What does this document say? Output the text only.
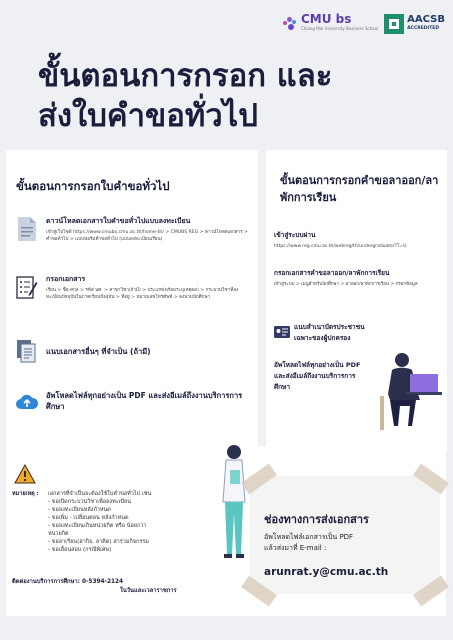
CMU bs
Chiang Mai University Business School
AACSB
ACCREDITED
ขั้นตอนการกรอก และ
ส่งใบคำขอทั่วไป
ขั้นตอนการกรอกใบคำขอทั่วไป
ดาวน์โหลดเอกสารใบคำขอทั่วไปแบบลงทะเบียน
เข้าสู่เว็บไซต์ https://www.cmubs.cmu.ac.th/home-th/ > CMUBS REG > ดาวน์โหลดเอกสาร > คำขอทั่วไป > แบบฟอร์มคำขอทั่วไป (แบบลงทะเบียนเรียน)
กรอกเอกสาร
เรียน > ชื่อ-สกุล > รหัส นศ. > สาขาวิชา(ถ้ามี) > ประเภท(พร้อมระบุเหตุผล) > กระบวนวิชาที่ลงทะเบียนปัจจุบันในภาคเรียนปัจจุบัน > ที่อยู่ > หมายเลขโทรศัพท์ > ลงนามนักศึกษา
แนบเอกสารอื่นๆ ที่จำเป็น (ถ้ามี)
อัพโหลดไฟล์ทุกอย่างเป็น PDF และส่งอีเมล์ถึงงานบริการการศึกษา
ขั้นตอนการกรอกคำขอลาออก/ลาพักการเรียน
เข้าสู่ระบบผ่าน
https://www.reg.cmu.ac.th/webreg/th/undergraduate/?T=U
กรอกเอกสารคำขอลาออก/ลาพักการเรียน
เข้าสู่ระบบ > เมนูสำหรับนักศึกษา > ลาออก/ลาพักการเรียน > กรอกข้อมูล
แนบสำเนาบัตรประชาชนเฉพาะของผู้ปกครอง
อัพโหลดไฟล์ทุกอย่างเป็น PDF และส่งอีเมล์ถึงงานบริการการศึกษา
หมายเหตุ : เอกสารที่จำเป็นจะต้องใช้ใบคำขอทั่วไป เช่น
- ขอเปิดกระบวนวิชาเพื่อลงทะเบียน
- ขอลงทะเบียนหลังกำหนด
- ขอเพิ่ม - เปลี่ยนตอน หลังกำหนด
- ขอลงทะเบียนเกินหน่วยกิต หรือ น้อยกว่า
หน่วยกิต
- ขอลาเรียน(ลากิจ, ลาคิด) สาร่วมกิจกรรม
- ขอเลื่อนสอบ (กรณีพิเศษ)
ติดต่องานบริการการศึกษา: 0-5394-2124
ในวันและเวลาราชการ
ช่องทางการส่งเอกสาร
อัพโหลดไฟล์เอกสารเป็น PDF
แล้วส่งมาที่ E-mail :
arunrat.y@cmu.ac.th
